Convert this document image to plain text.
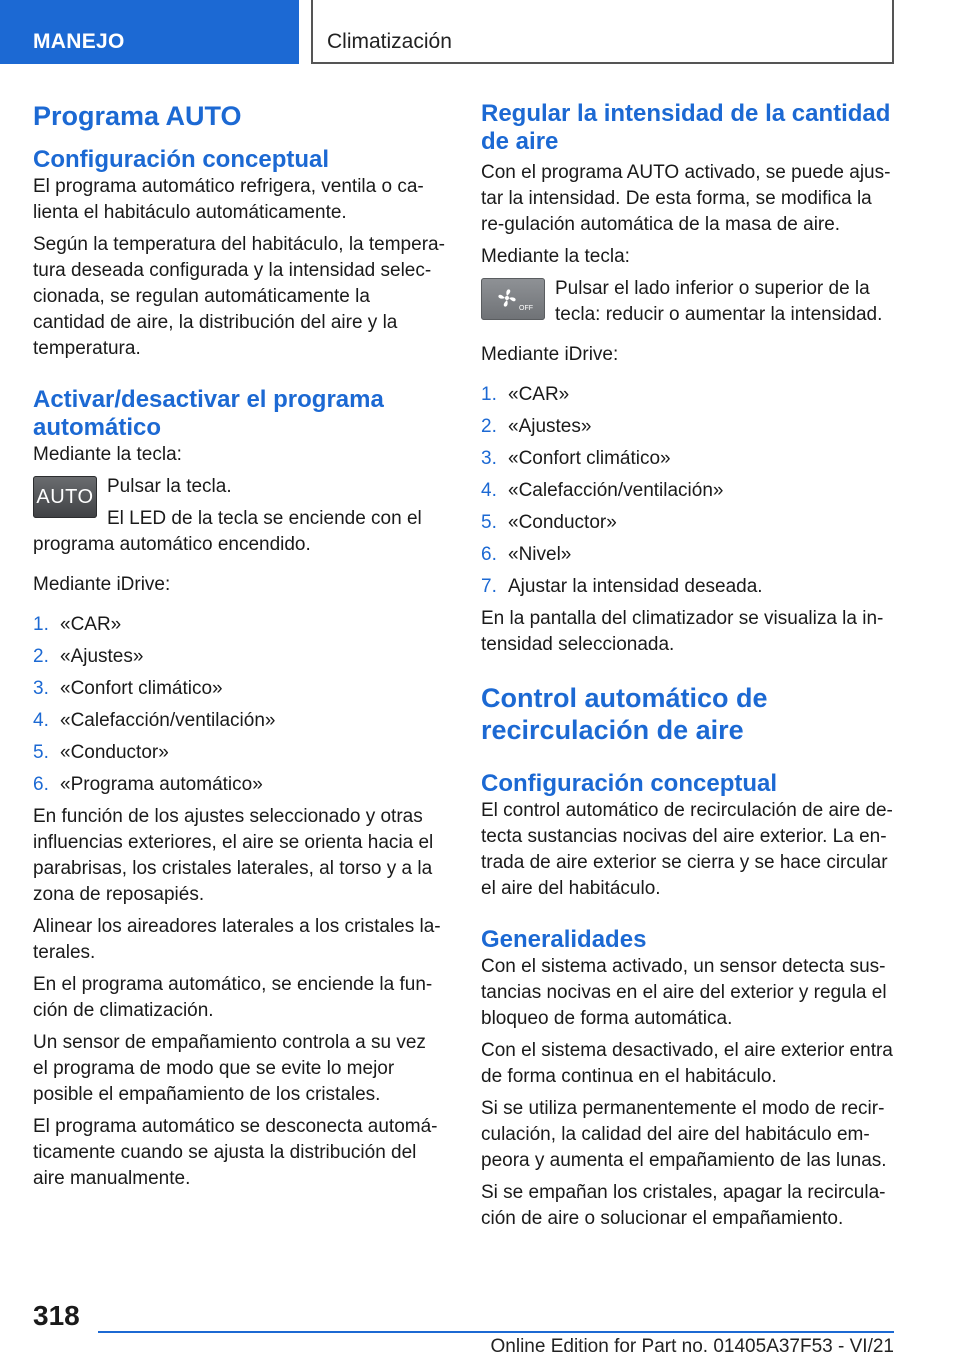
MANEJO	Climatización
Programa AUTO
Configuración conceptual

El programa automático refrigera, ventila o ca-lienta el habitáculo automáticamente.

Según la temperatura del habitáculo, la tempera-tura deseada configurada y la intensidad selec-cionada, se regulan automáticamente la cantidad de aire, la distribución del aire y la temperatura.

Activar/desactivar el programa automático

Mediante la tecla:

AUTO Pulsar la tecla.

El LED de la tecla se enciende con el

programa automático encendido.

Mediante iDrive:

1. «CAR»
2. «Ajustes»
3. «Confort climático»
4. «Calefacción/ventilación»
5. «Conductor»
6. «Programa automático»

En función de los ajustes seleccionado y otras influencias exteriores, el aire se orienta hacia el parabrisas, los cristales laterales, al torso y a la zona de reposapiés.

Alinear los aireadores laterales a los cristales la-terales.

En el programa automático, se enciende la fun-ción de climatización.

Un sensor de empañamiento controla a su vez el programa de modo que se evite lo mejor posible el empañamiento de los cristales.

El programa automático se desconecta automá-ticamente cuando se ajusta la distribución del aire manualmente.

Regular la intensidad de la cantidad de aire

Con el programa AUTO activado, se puede ajus-tar la intensidad. De esta forma, se modifica la re-gulación automática de la masa de aire.

Mediante la tecla:

OFF

Pulsar el lado inferior o superior de la tecla: reducir o aumentar la intensidad.

Mediante iDrive:

1. «CAR»
2. «Ajustes»
3. «Confort climático»
4. «Calefacción/ventilación»
5. «Conductor»
6. «Nivel»
7. Ajustar la intensidad deseada.

En la pantalla del climatizador se visualiza la in-tensidad seleccionada.

Control automático de recirculación de aire
Configuración conceptual

El control automático de recirculación de aire de-tecta sustancias nocivas del aire exterior. La en-trada de aire exterior se cierra y se hace circular el aire del habitáculo.

Generalidades

Con el sistema activado, un sensor detecta sus-tancias nocivas en el aire del exterior y regula el bloqueo de forma automática.

Con el sistema desactivado, el aire exterior entra de forma continua en el habitáculo.

Si se utiliza permanentemente el modo de recir-culación, la calidad del aire del habitáculo em-peora y aumenta el empañamiento de las lunas.

Si se empañan los cristales, apagar la recircula-ción de aire o solucionar el empañamiento.

318
Online Edition for Part no. 01405A37F53 - VI/21
